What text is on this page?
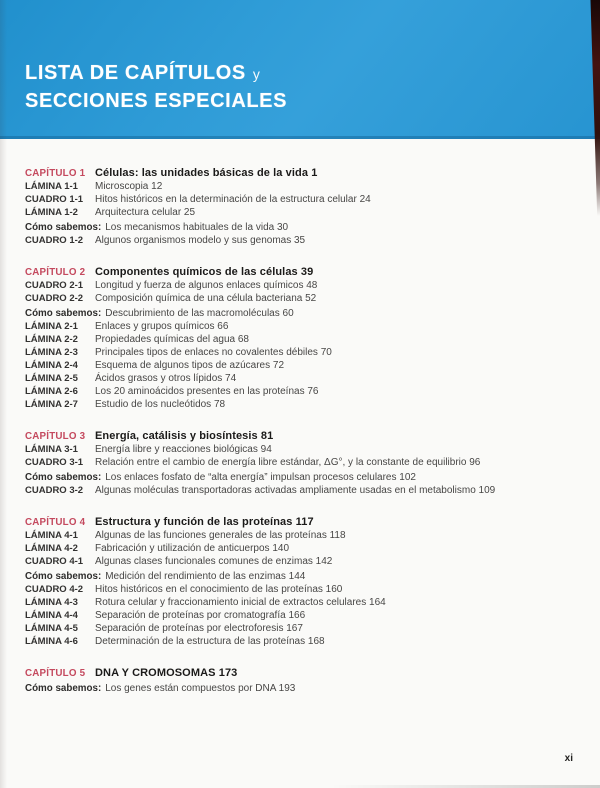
LISTA DE CAPÍTULOS y
SECCIONES ESPECIALES
CAPÍTULO 1 Células: las unidades básicas de la vida 1
LÁMINA 1-1	Microscopia 12
CUADRO 1-1	Hitos históricos en la determinación de la estructura celular 24
LÁMINA 1-2	Arquitectura celular 25
Cómo sabemos: Los mecanismos habituales de la vida 30
CUADRO 1-2	Algunos organismos modelo y sus genomas 35
CAPÍTULO 2 Componentes químicos de las células 39
CUADRO 2-1	Longitud y fuerza de algunos enlaces químicos 48
CUADRO 2-2	Composición química de una célula bacteriana 52
Cómo sabemos: Descubrimiento de las macromoléculas 60
LÁMINA 2-1	Enlaces y grupos químicos 66
LÁMINA 2-2	Propiedades químicas del agua 68
LÁMINA 2-3	Principales tipos de enlaces no covalentes débiles 70
LÁMINA 2-4	Esquema de algunos tipos de azúcares 72
LÁMINA 2-5	Ácidos grasos y otros lípidos 74
LÁMINA 2-6	Los 20 aminoácidos presentes en las proteínas 76
LÁMINA 2-7	Estudio de los nucleótidos 78
CAPÍTULO 3 Energía, catálisis y biosíntesis 81
LÁMINA 3-1	Energía libre y reacciones biológicas 94
CUADRO 3-1	Relación entre el cambio de energía libre estándar, ΔG°, y la constante de equilibrio 96
Cómo sabemos: Los enlaces fosfato de “alta energía” impulsan procesos celulares 102
CUADRO 3-2	Algunas moléculas transportadoras activadas ampliamente usadas en el metabolismo 109
CAPÍTULO 4 Estructura y función de las proteínas 117
LÁMINA 4-1	Algunas de las funciones generales de las proteínas 118
LÁMINA 4-2	Fabricación y utilización de anticuerpos 140
CUADRO 4-1	Algunas clases funcionales comunes de enzimas 142
Cómo sabemos: Medición del rendimiento de las enzimas 144
CUADRO 4-2	Hitos históricos en el conocimiento de las proteínas 160
LÁMINA 4-3	Rotura celular y fraccionamiento inicial de extractos celulares 164
LÁMINA 4-4	Separación de proteínas por cromatografía 166
LÁMINA 4-5	Separación de proteínas por electroforesis 167
LÁMINA 4-6	Determinación de la estructura de las proteínas 168
CAPÍTULO 5 DNA Y CROMOSOMAS 173
Cómo sabemos: Los genes están compuestos por DNA 193
xi
